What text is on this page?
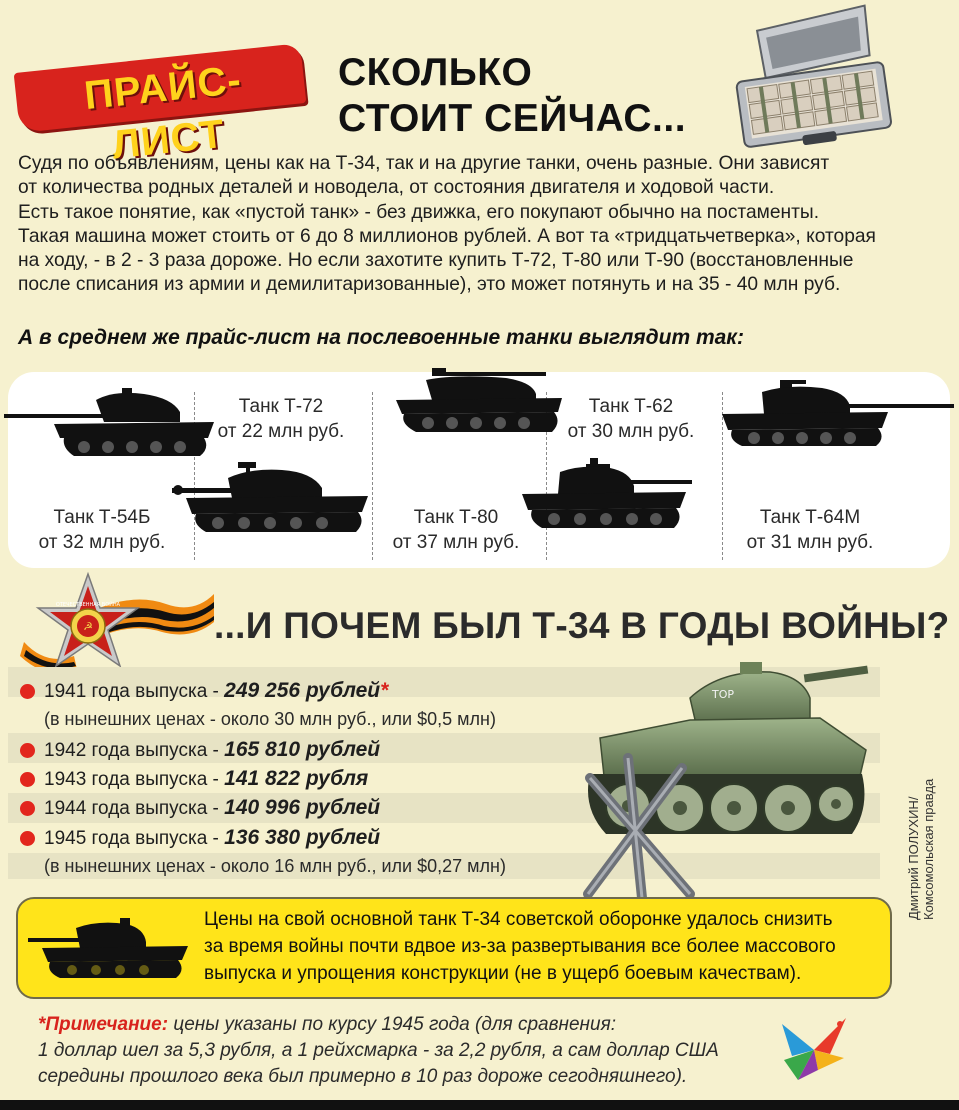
ПРАЙС-ЛИСТ
СКОЛЬКО
СТОИТ СЕЙЧАС...

Судя по объявлениям, цены как на Т-34, так и на другие танки, очень разные. Они зависят

от количества родных деталей и новодела, от состояния двигателя и ходовой части.

Есть такое понятие, как «пустой танк» - без движка, его покупают обычно на постаменты.

Такая машина может стоить от 6 до 8 миллионов рублей. А вот та «тридцатьчетверка», которая

на ходу, - в 2 - 3 раза дороже. Но если захотите купить Т-72, Т-80 или Т-90 (восстановленные

после списания из армии и демилитаризованные), это может потянуть и на 35 - 40 млн руб.

А в среднем же прайс-лист на послевоенные танки выглядит так:
Танк Т-54Б
от 32 млн руб.
Танк Т-72
от 22 млн руб.
Танк Т-80
от 37 млн руб.
Танк Т-62
от 30 млн руб.
Танк Т-64М
от 31 млн руб.
☭
ОТЕЧЕСТВЕННАЯ ВОЙНА	...И ПОЧЕМ БЫЛ Т-34 В ГОДЫ ВОЙНЫ?
ТОР
1941 года выпуска - 249 256 рублей*
(в нынешних ценах - около 30 млн руб., или $0,5 млн)
1942 года выпуска - 165 810 рублей
1943 года выпуска - 141 822 рубля
1944 года выпуска - 140 996 рублей
1945 года выпуска - 136 380 рублей
(в нынешних ценах - около 16 млн руб., или $0,27 млн)

Цены на свой основной танк Т-34 советской оборонке удалось снизить

за время войны почти вдвое из-за развертывания все более массового

выпуска и упрощения конструкции (не в ущерб боевым качествам).

*Примечание: цены указаны по курсу 1945 года (для сравнения:

1 доллар шел за 5,3 рубля, а 1 рейхсмарка - за 2,2 рубля, а сам доллар США

середины прошлого века был примерно в 10 раз дороже сегодняшнего).

Дмитрий ПОЛУХИН/ Комсомольская правда
